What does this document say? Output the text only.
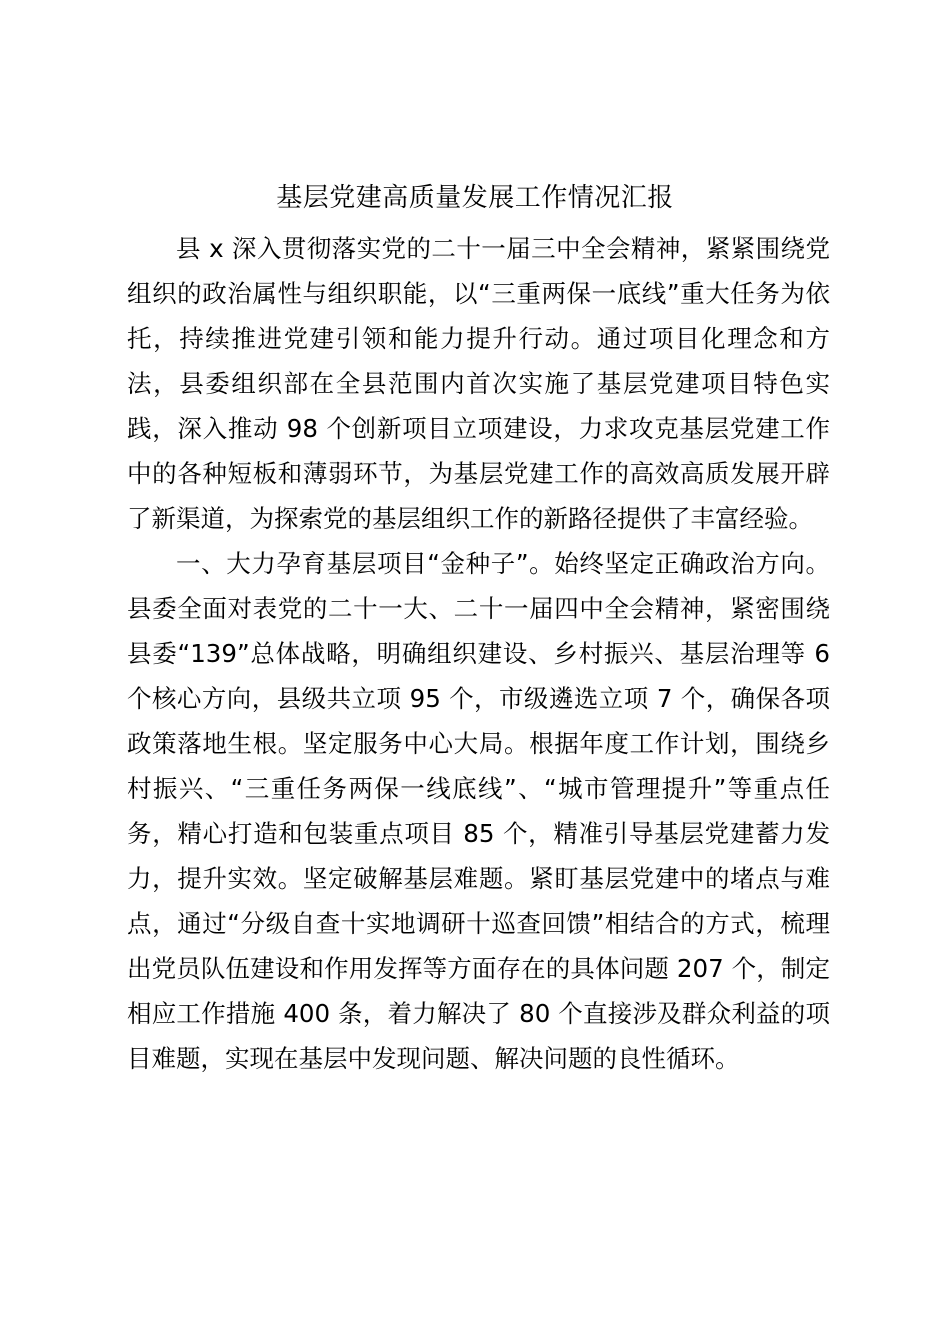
基层党建高质量发展工作情况汇报

县 x 深入贯彻落实党的二十一届三中全会精神，紧紧围绕党组织的政治属性与组织职能，以“三重两保一底线”重大任务为依托，持续推进党建引领和能力提升行动。通过项目化理念和方法，县委组织部在全县范围内首次实施了基层党建项目特色实践，深入推动 98 个创新项目立项建设，力求攻克基层党建工作中的各种短板和薄弱环节，为基层党建工作的高效高质发展开辟了新渠道，为探索党的基层组织工作的新路径提供了丰富经验。

一、大力孕育基层项目“金种子”。始终坚定正确政治方向。县委全面对表党的二十一大、二十一届四中全会精神，紧密围绕县委“139”总体战略，明确组织建设、乡村振兴、基层治理等 6 个核心方向，县级共立项 95 个，市级遴选立项 7 个，确保各项政策落地生根。坚定服务中心大局。根据年度工作计划，围绕乡村振兴、“三重任务两保一线底线”、“城市管理提升”等重点任务，精心打造和包装重点项目 85 个，精准引导基层党建蓄力发力，提升实效。坚定破解基层难题。紧盯基层党建中的堵点与难点，通过“分级自查十实地调研十巡查回馈”相结合的方式，梳理出党员队伍建设和作用发挥等方面存在的具体问题 207 个，制定相应工作措施 400 条，着力解决了 80 个直接涉及群众利益的项目难题，实现在基层中发现问题、解决问题的良性循环。
